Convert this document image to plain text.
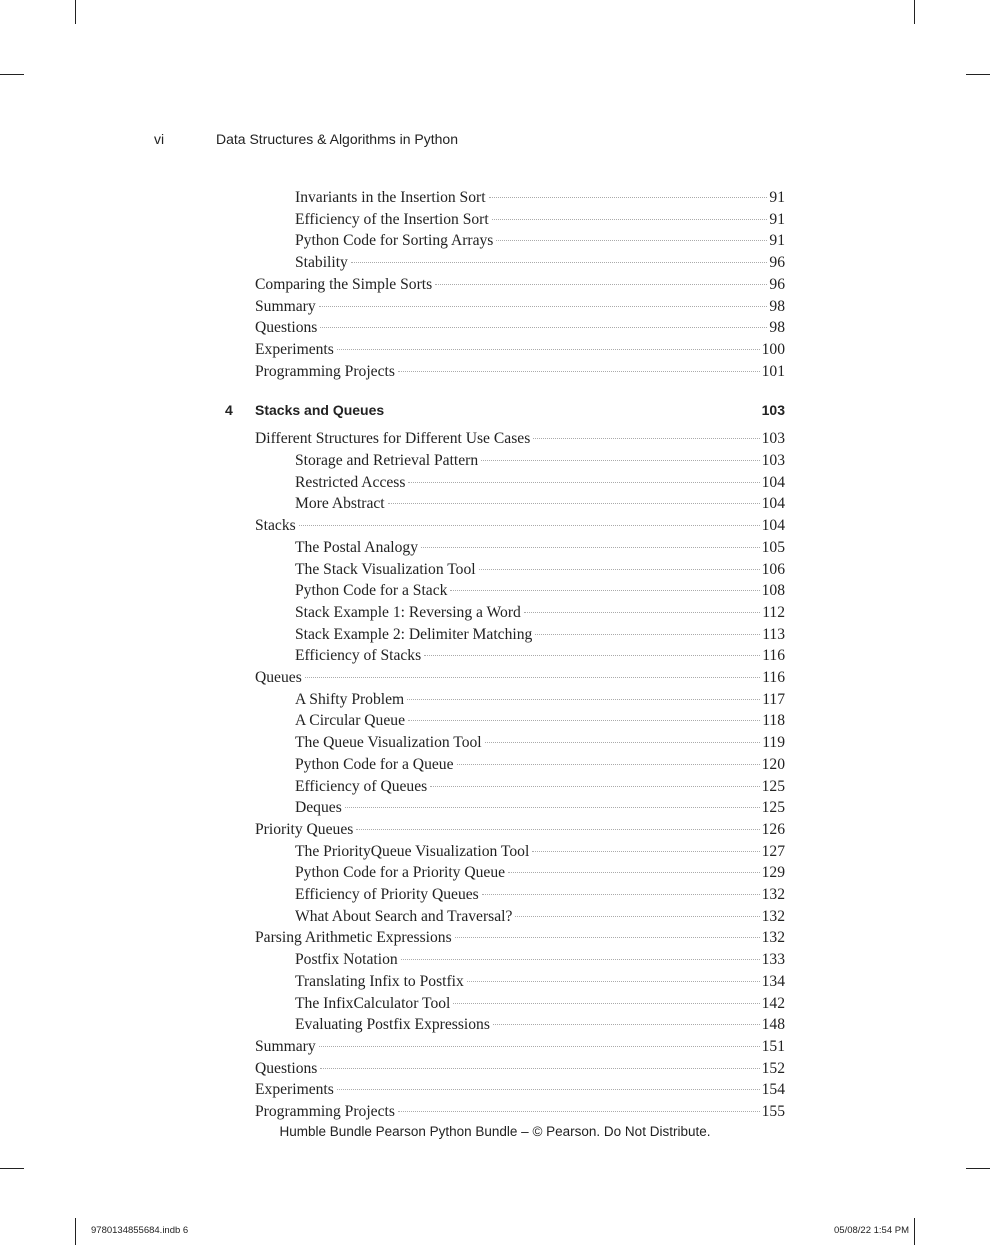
vi	Data Structures & Algorithms in Python
Invariants in the Insertion Sort	91
Efficiency of the Insertion Sort	91
Python Code for Sorting Arrays	91
Stability	96
Comparing the Simple Sorts	96
Summary	98
Questions	98
Experiments	100
Programming Projects	101
4 Stacks and Queues	103
Different Structures for Different Use Cases	103
Storage and Retrieval Pattern	103
Restricted Access	104
More Abstract	104
Stacks	104
The Postal Analogy	105
The Stack Visualization Tool	106
Python Code for a Stack	108
Stack Example 1: Reversing a Word	112
Stack Example 2: Delimiter Matching	113
Efficiency of Stacks	116
Queues	116
A Shifty Problem	117
A Circular Queue	118
The Queue Visualization Tool	119
Python Code for a Queue	120
Efficiency of Queues	125
Deques	125
Priority Queues	126
The PriorityQueue Visualization Tool	127
Python Code for a Priority Queue	129
Efficiency of Priority Queues	132
What About Search and Traversal?	132
Parsing Arithmetic Expressions	132
Postfix Notation	133
Translating Infix to Postfix	134
The InfixCalculator Tool	142
Evaluating Postfix Expressions	148
Summary	151
Questions	152
Experiments	154
Programming Projects	155
Humble Bundle Pearson Python Bundle – © Pearson. Do Not Distribute.
9780134855684.indb 6	05/08/22 1:54 PM
